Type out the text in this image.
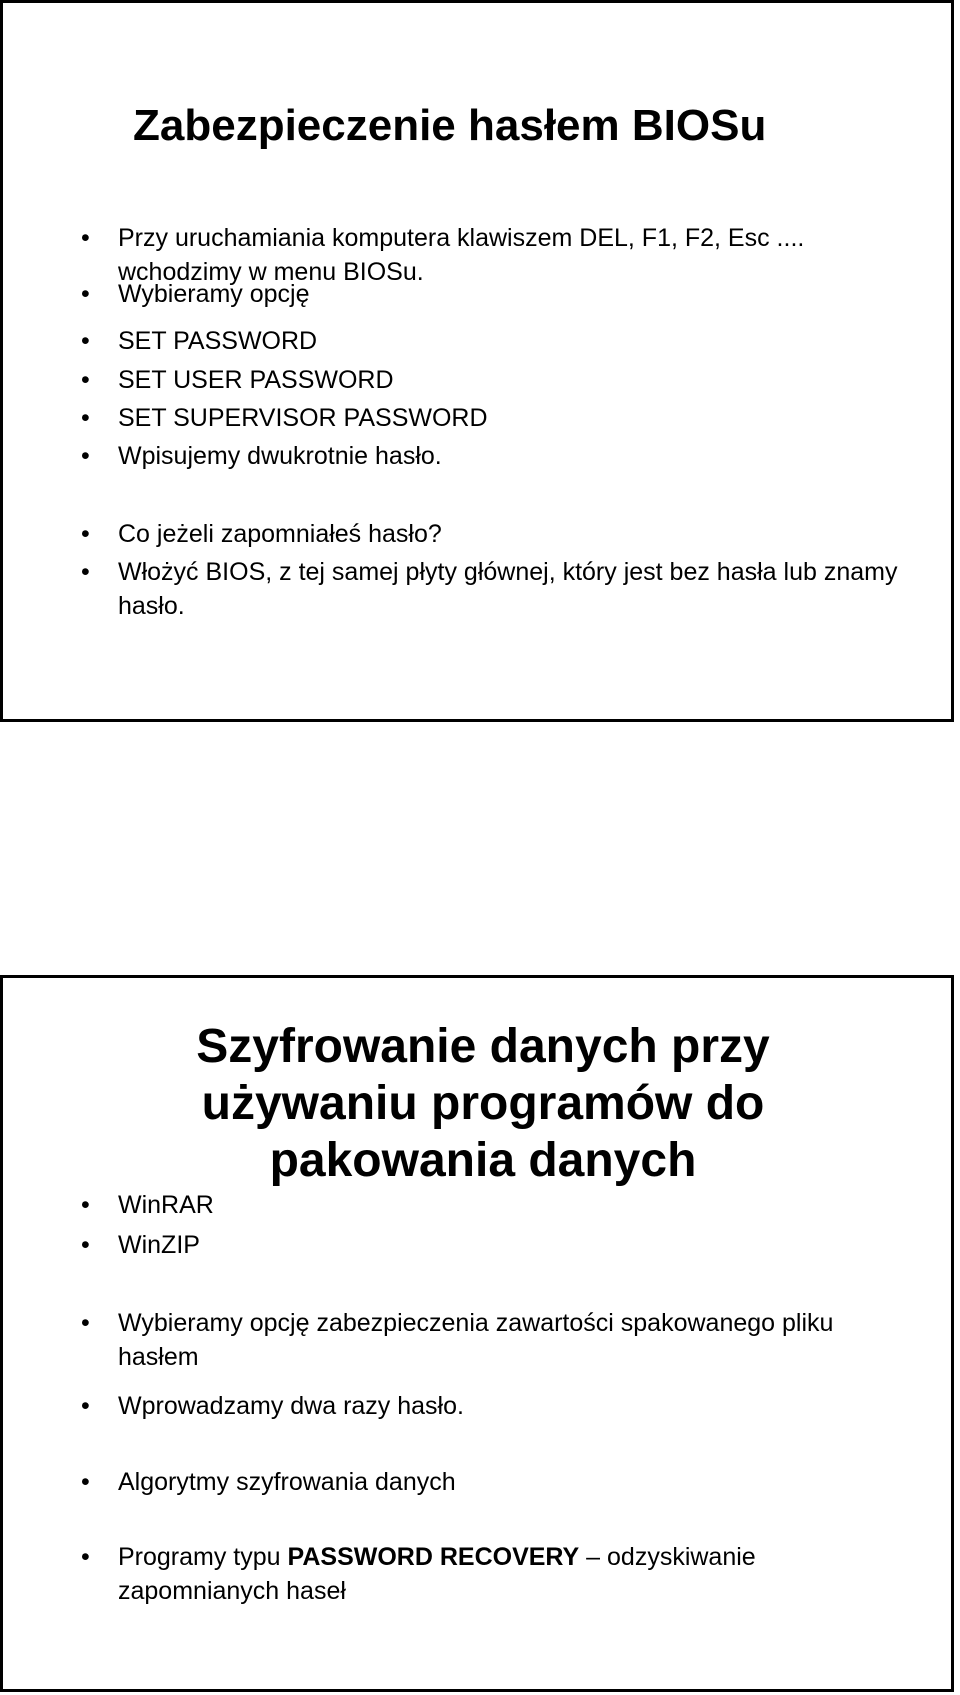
Zabezpieczenie hasłem BIOSu
• Przy uruchamiania komputera klawiszem DEL, F1, F2, Esc .... wchodzimy w menu BIOSu.
• Wybieramy opcję
• SET PASSWORD
• SET USER PASSWORD
• SET SUPERVISOR PASSWORD
• Wpisujemy dwukrotnie hasło.
• Co jeżeli zapomniałeś hasło?
• Włożyć BIOS, z tej samej płyty głównej, który jest bez hasła lub znamy hasło.
Szyfrowanie danych przy
używaniu programów do
pakowania danych
• WinRAR
• WinZIP
• Wybieramy opcję zabezpieczenia zawartości spakowanego pliku hasłem
• Wprowadzamy dwa razy hasło.
• Algorytmy szyfrowania danych
• Programy typu PASSWORD RECOVERY – odzyskiwanie zapomnianych haseł
